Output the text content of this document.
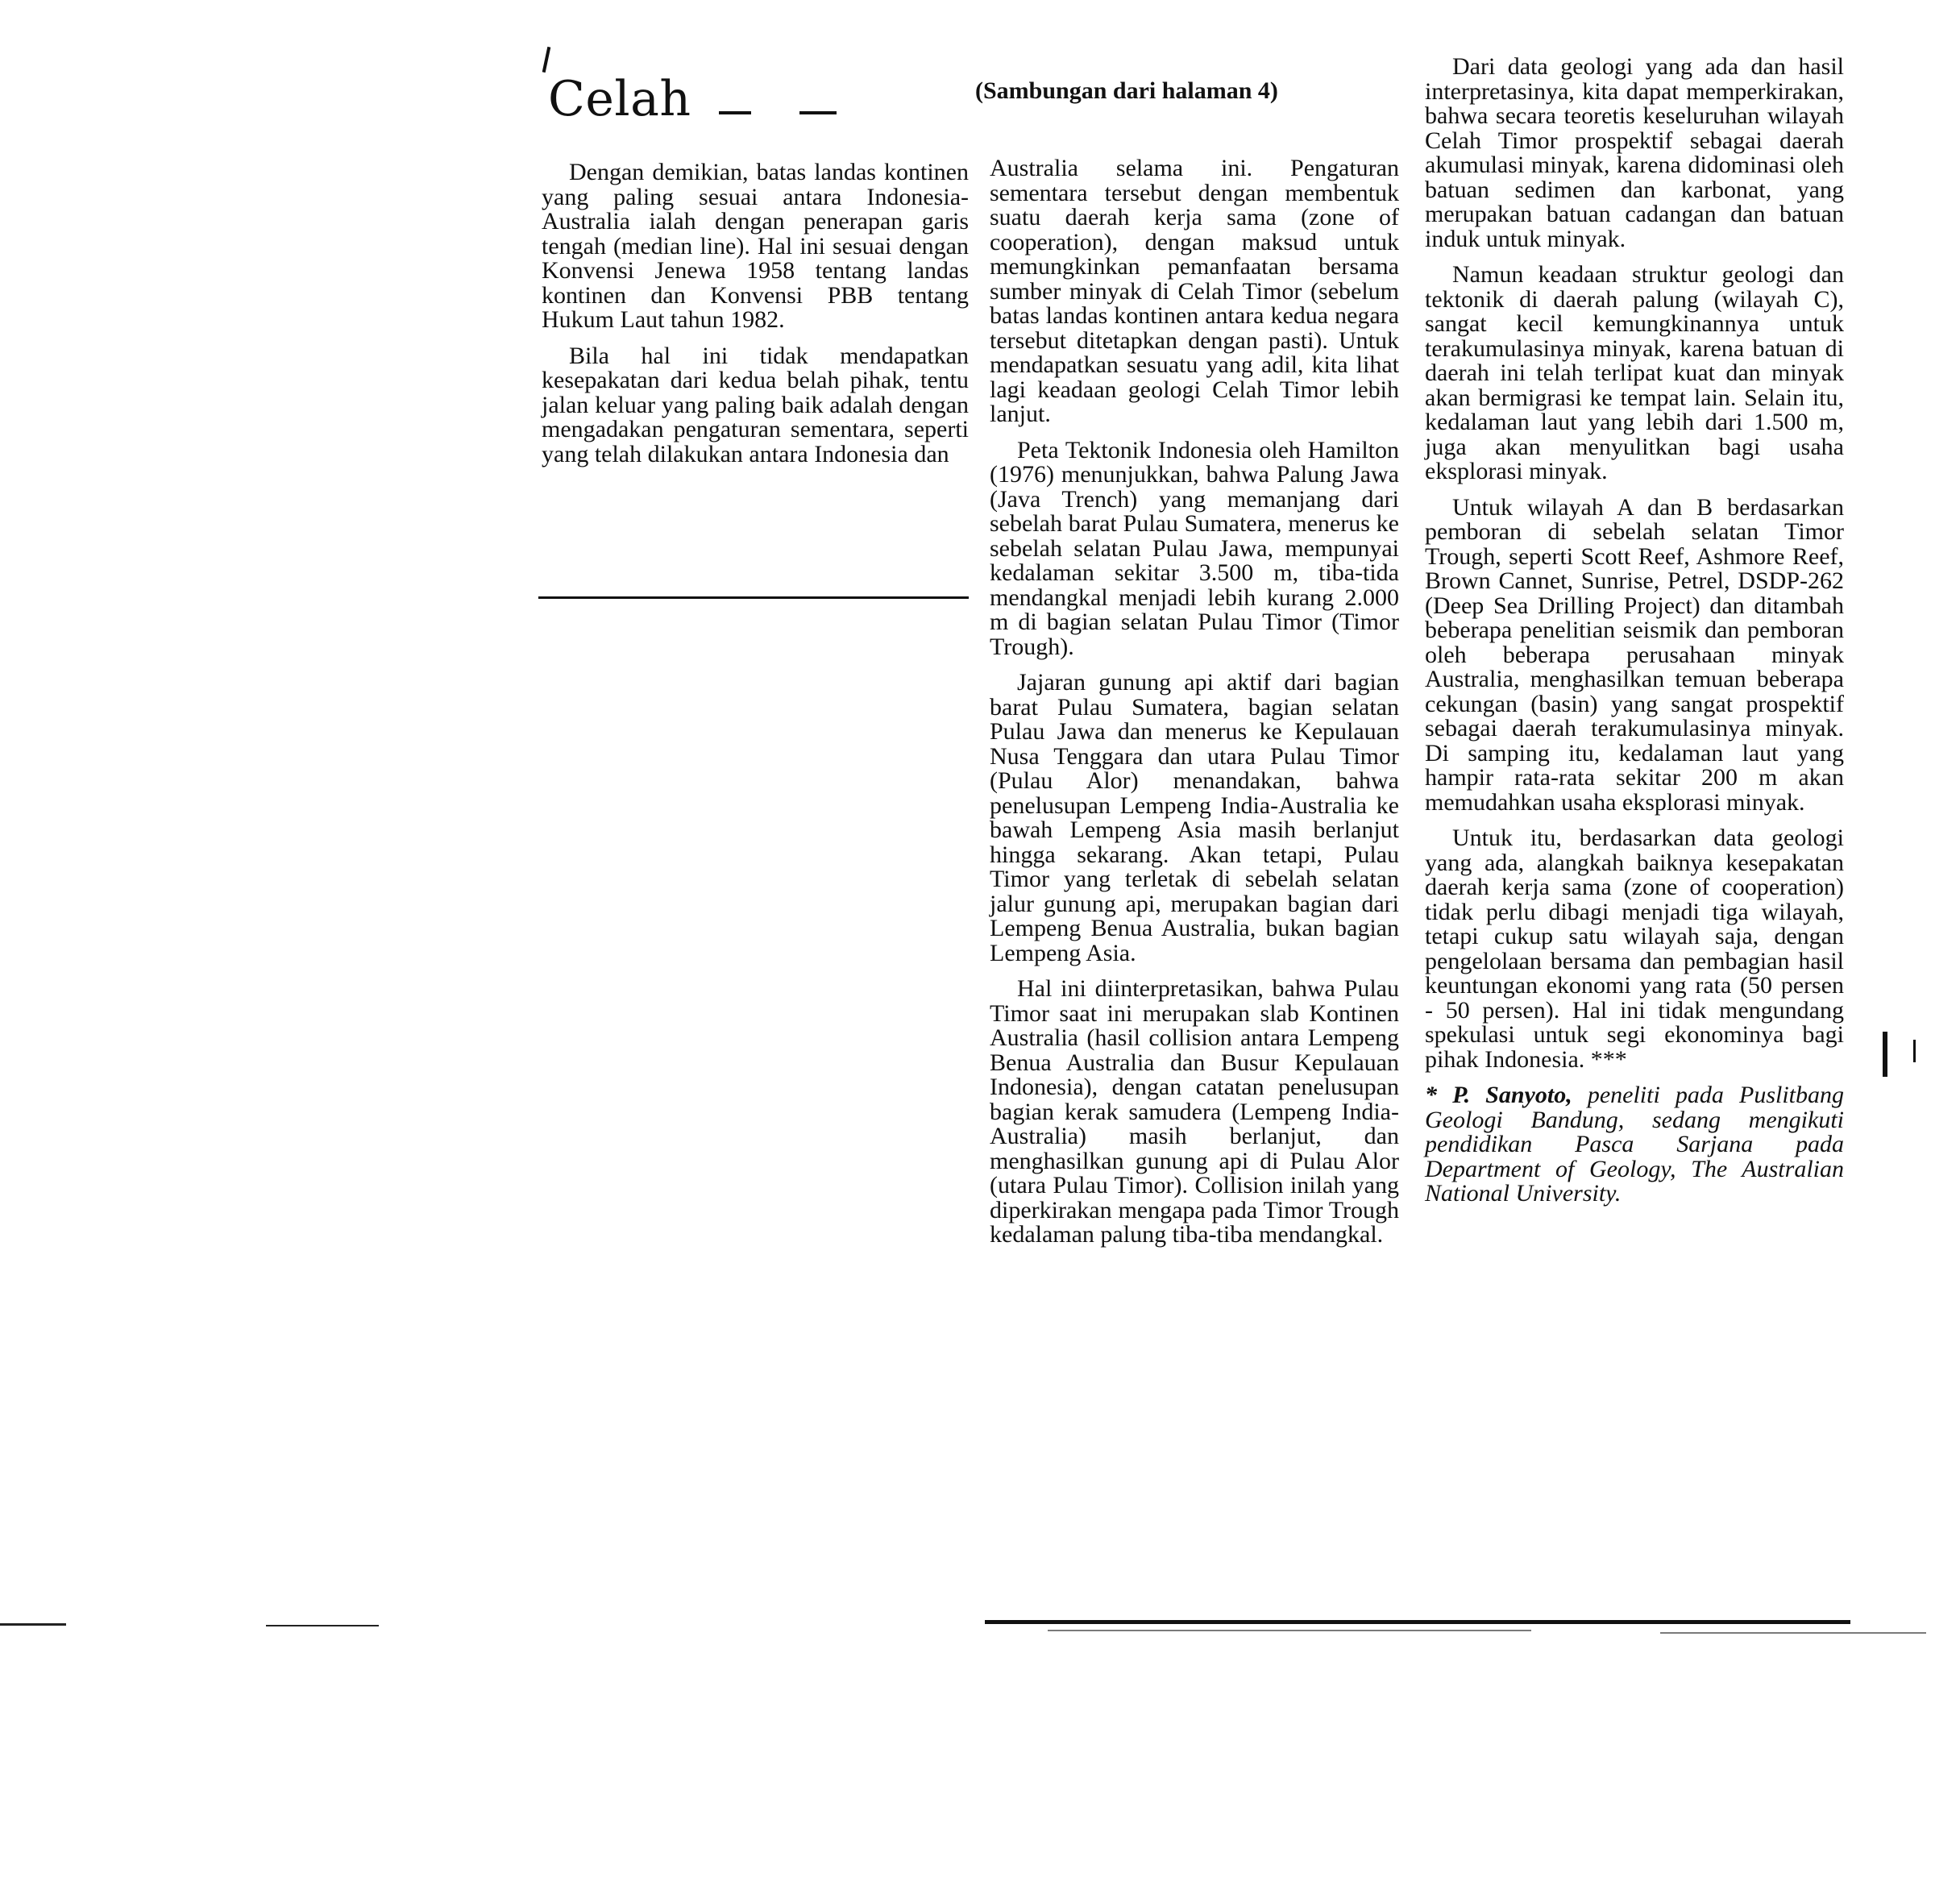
Celah	(Sambungan dari halaman 4)

Dengan demikian, batas landas kontinen yang paling sesuai antara Indonesia-Australia ialah dengan penerapan garis tengah (median line). Hal ini sesuai dengan Konvensi Jenewa 1958 tentang landas kontinen dan Konvensi PBB tentang Hukum Laut tahun 1982.

Bila hal ini tidak mendapatkan kesepakatan dari kedua belah pihak, tentu jalan keluar yang paling baik adalah dengan mengadakan pengaturan sementara, seperti yang telah dilakukan antara Indonesia dan

Australia selama ini. Pengaturan sementara tersebut dengan membentuk suatu daerah kerja sama (zone of cooperation), dengan maksud untuk memungkinkan pemanfaatan bersama sumber minyak di Celah Timor (sebelum batas landas kontinen antara kedua negara tersebut ditetapkan dengan pasti). Untuk mendapatkan sesuatu yang adil, kita lihat lagi keadaan geologi Celah Timor lebih lanjut.

Peta Tektonik Indonesia oleh Hamilton (1976) menunjukkan, bahwa Palung Jawa (Java Trench) yang memanjang dari sebelah barat Pulau Sumatera, menerus ke sebelah selatan Pulau Jawa, mempunyai kedalaman sekitar 3.500 m, tiba-tida mendangkal menjadi lebih kurang 2.000 m di bagian selatan Pulau Timor (Timor Trough).

Jajaran gunung api aktif dari bagian barat Pulau Sumatera, bagian selatan Pulau Jawa dan menerus ke Kepulauan Nusa Tenggara dan utara Pulau Timor (Pulau Alor) menandakan, bahwa penelusupan Lempeng India-Australia ke bawah Lempeng Asia masih berlanjut hingga sekarang. Akan tetapi, Pulau Timor yang terletak di sebelah selatan jalur gunung api, merupakan bagian dari Lempeng Benua Australia, bukan bagian Lempeng Asia.

Hal ini diinterpretasikan, bahwa Pulau Timor saat ini merupakan slab Kontinen Australia (hasil collision antara Lempeng Benua Australia dan Busur Kepulauan Indonesia), dengan catatan penelusupan bagian kerak samudera (Lempeng India-Australia) masih berlanjut, dan menghasilkan gunung api di Pulau Alor (utara Pulau Timor). Collision inilah yang diperkirakan mengapa pada Timor Trough kedalaman palung tiba-tiba mendangkal.

Dari data geologi yang ada dan hasil interpretasinya, kita dapat memperkirakan, bahwa secara teoretis keseluruhan wilayah Celah Timor prospektif sebagai daerah akumulasi minyak, karena didominasi oleh batuan sedimen dan karbonat, yang merupakan batuan cadangan dan batuan induk untuk minyak.

Namun keadaan struktur geologi dan tektonik di daerah palung (wilayah C), sangat kecil kemungkinannya untuk terakumulasinya minyak, karena batuan di daerah ini telah terlipat kuat dan minyak akan bermigrasi ke tempat lain. Selain itu, kedalaman laut yang lebih dari 1.500 m, juga akan menyulitkan bagi usaha eksplorasi minyak.

Untuk wilayah A dan B berdasarkan pemboran di sebelah selatan Timor Trough, seperti Scott Reef, Ashmore Reef, Brown Cannet, Sunrise, Petrel, DSDP-262 (Deep Sea Drilling Project) dan ditambah beberapa penelitian seismik dan pemboran oleh beberapa perusahaan minyak Australia, menghasilkan temuan beberapa cekungan (basin) yang sangat prospektif sebagai daerah terakumulasinya minyak. Di samping itu, kedalaman laut yang hampir rata-rata sekitar 200 m akan memudahkan usaha eksplorasi minyak.

Untuk itu, berdasarkan data geologi yang ada, alangkah baiknya kesepakatan daerah kerja sama (zone of cooperation) tidak perlu dibagi menjadi tiga wilayah, tetapi cukup satu wilayah saja, dengan pengelolaan bersama dan pembagian hasil keuntungan ekonomi yang rata (50 persen - 50 persen). Hal ini tidak mengundang spekulasi untuk segi ekonominya bagi pihak Indonesia. ***

* P. Sanyoto, peneliti pada Puslitbang Geologi Bandung, sedang mengikuti pendidikan Pasca Sarjana pada Department of Geology, The Australian National University.
